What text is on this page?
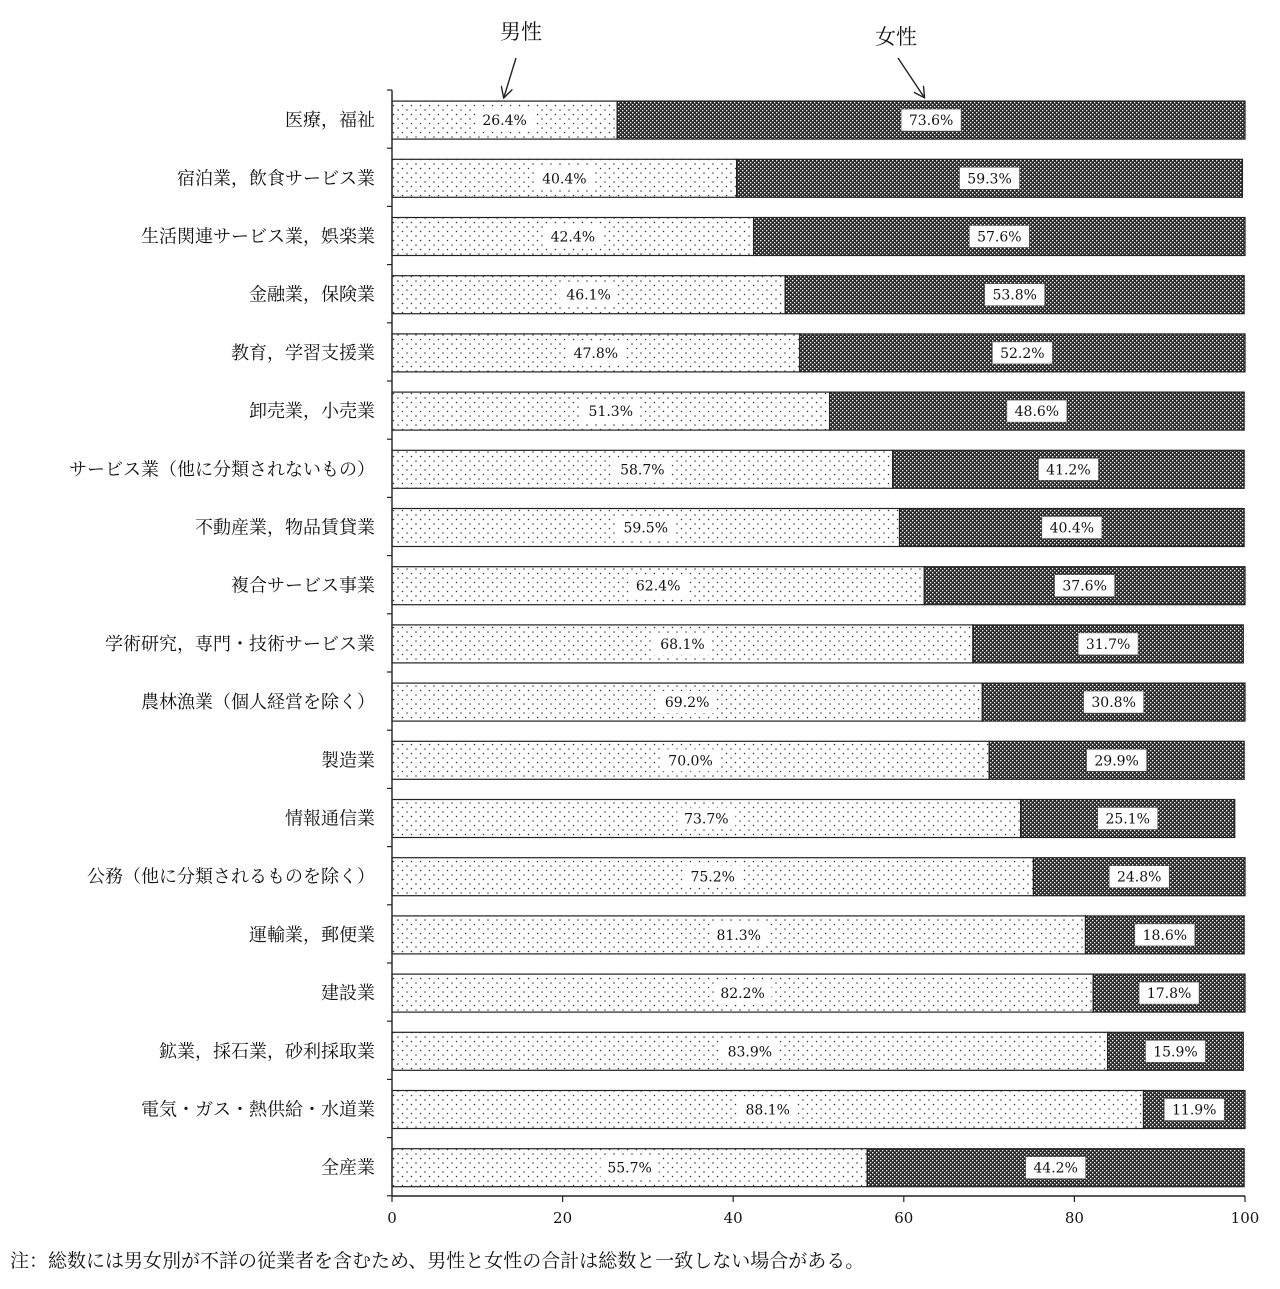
男性	女性
医療，福祉	26.4%	73.6%
宿泊業，飲食サービス業	40.4%	59.3%
生活関連サービス業，娯楽業	42.4%	57.6%
金融業，保険業	46.1%	53.8%
教育，学習支援業	47.8%	52.2%
卸売業，小売業	51.3%	48.6%
サービス業（他に分類されないもの）	58.7%	41.2%
不動産業，物品賃貸業	59.5%	40.4%
複合サービス事業	62.4%	37.6%
学術研究，専門・技術サービス業	68.1%	31.7%
農林漁業（個人経営を除く）	69.2%	30.8%
製造業	70.0%	29.9%
情報通信業	73.7%	25.1%
公務（他に分類されるものを除く）	75.2%	24.8%
運輸業，郵便業	81.3%	18.6%
建設業	82.2%	17.8%
鉱業，採石業，砂利採取業	83.9%	15.9%
電気・ガス・熱供給・水道業	88.1%	11.9%
全産業	55.7%	44.2%
0	20	40	60	80	100
注：総数には男女別が不詳の従業者を含むため、男性と女性の合計は総数と一致しない場合がある。
